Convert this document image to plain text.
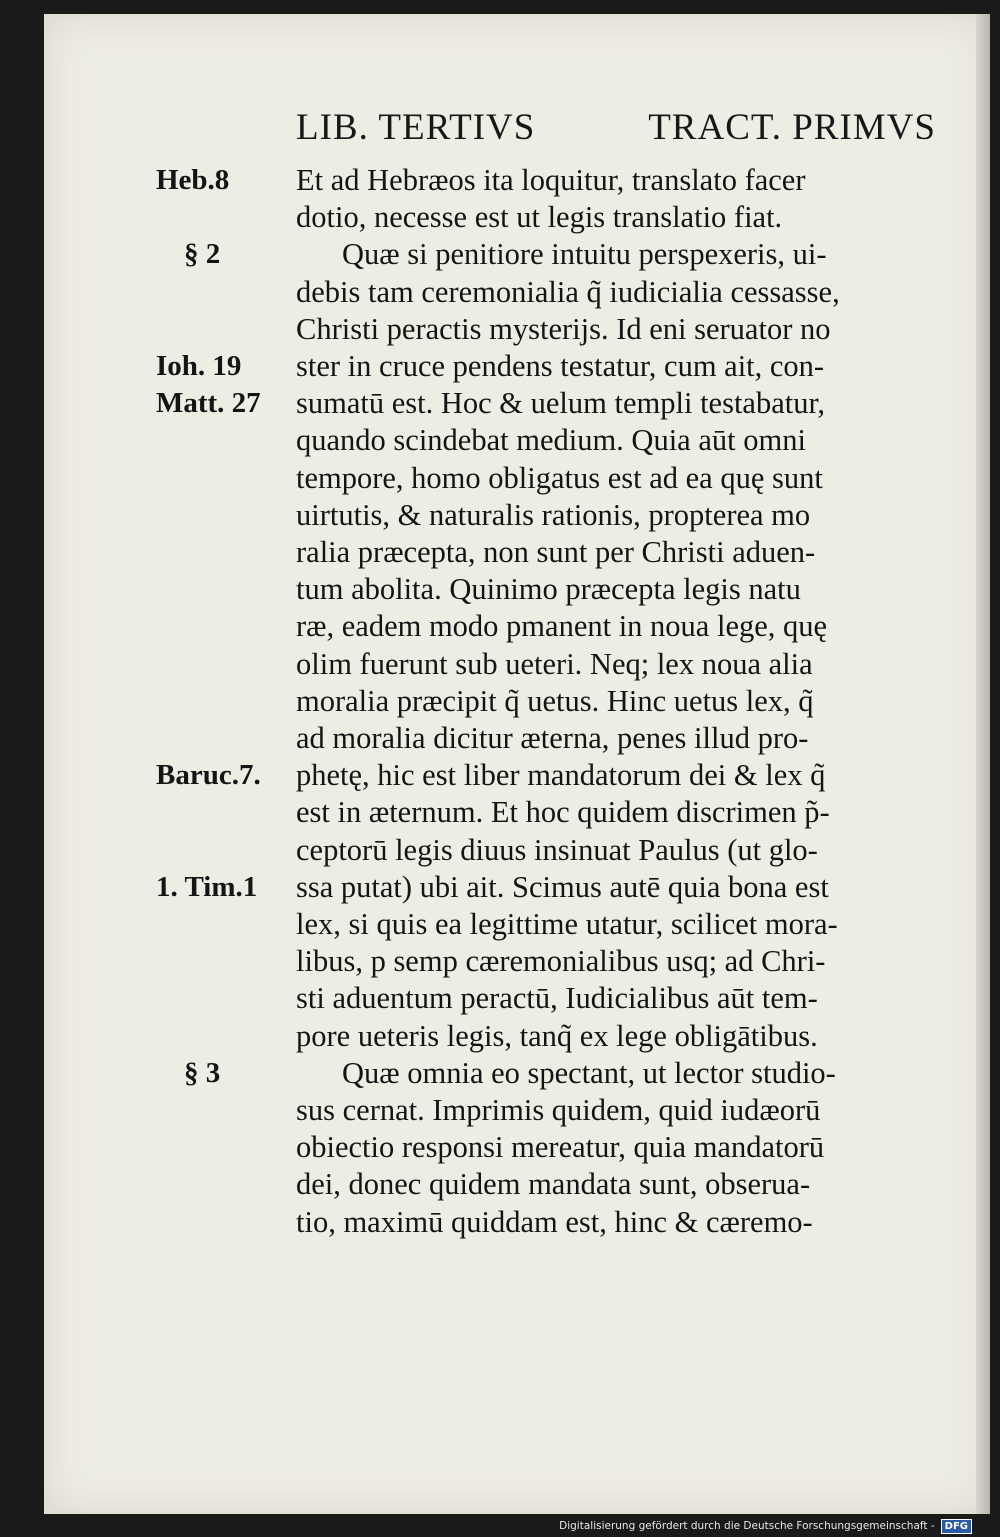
LIB. TERTIVS	TRACT. PRIMVS
Et ad Hebræos ita loquitur, translato facer
dotio, necesse est ut legis translatio fiat.
Quæ si penitiore intuitu perspexeris, ui-
debis tam ceremonialia q̃ iudicialia cessasse,
Christi peractis mysterijs. Id eni seruator no
ster in cruce pendens testatur, cum ait, con-
sumatū est. Hoc & uelum templi testabatur,
quando scindebat medium. Quia aūt omni
tempore, homo obligatus est ad ea quę sunt
uirtutis, & naturalis rationis, propterea mo
ralia præcepta, non sunt per Christi aduen-
tum abolita. Quinimo præcepta legis natu
ræ, eadem modo pmanent in noua lege, quę
olim fuerunt sub ueteri. Neq; lex noua alia
moralia præcipit q̃ uetus. Hinc uetus lex, q̃
ad moralia dicitur æterna, penes illud pro-
phetę, hic est liber mandatorum dei & lex q̃
est in æternum. Et hoc quidem discrimen p̃-
ceptorū legis diuus insinuat Paulus (ut glo-
ssa putat) ubi ait. Scimus autē quia bona est
lex, si quis ea legittime utatur, scilicet mora-
libus, p semp cæremonialibus usq; ad Chri-
sti aduentum peractū, Iudicialibus aūt tem-
pore ueteris legis, tanq̃ ex lege obligātibus.
Quæ omnia eo spectant, ut lector studio-
sus cernat. Imprimis quidem, quid iudæorū
obiectio responsi mereatur, quia mandatorū
dei, donec quidem mandata sunt, obserua-
tio, maximū quiddam est, hinc & cæremo-
Heb.8
§ 2
Ioh. 19
Matt. 27
Baruc.7.
1. Tim.1
§ 3
Digitalisierung gefördert durch die Deutsche Forschungsgemeinschaft -	DFG
